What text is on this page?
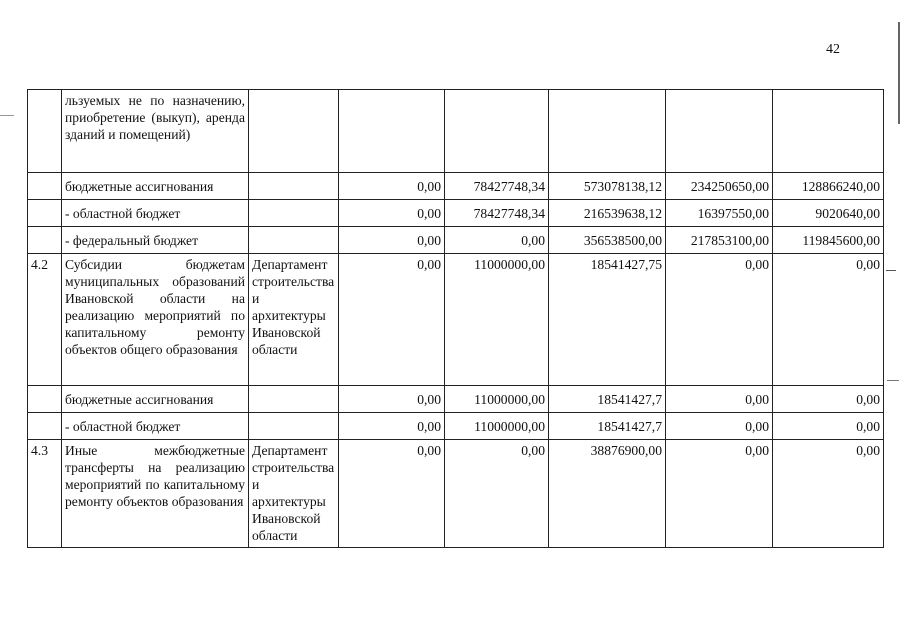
42
	льзуемых не по назначению, приобретение (выкуп), аренда зданий и помещений)						
	бюджетные ассигнования		0,00	78427748,34	573078138,12	234250650,00	128866240,00
	- областной бюджет		0,00	78427748,34	216539638,12	16397550,00	9020640,00
	- федеральный бюджет		0,00	0,00	356538500,00	217853100,00	119845600,00
4.2	Субсидии бюджетам муниципальных образований Ивановской области на реализацию мероприятий по капитальному ремонту объектов общего образования	Департамент строительства и архитектуры Ивановской области	0,00	11000000,00	18541427,75	0,00	0,00
	бюджетные ассигнования		0,00	11000000,00	18541427,7	0,00	0,00
	- областной бюджет		0,00	11000000,00	18541427,7	0,00	0,00
4.3	Иные межбюджетные трансферты на реализацию мероприятий по капитальному ремонту объектов образования	Департамент строительства и архитектуры Ивановской области	0,00	0,00	38876900,00	0,00	0,00
